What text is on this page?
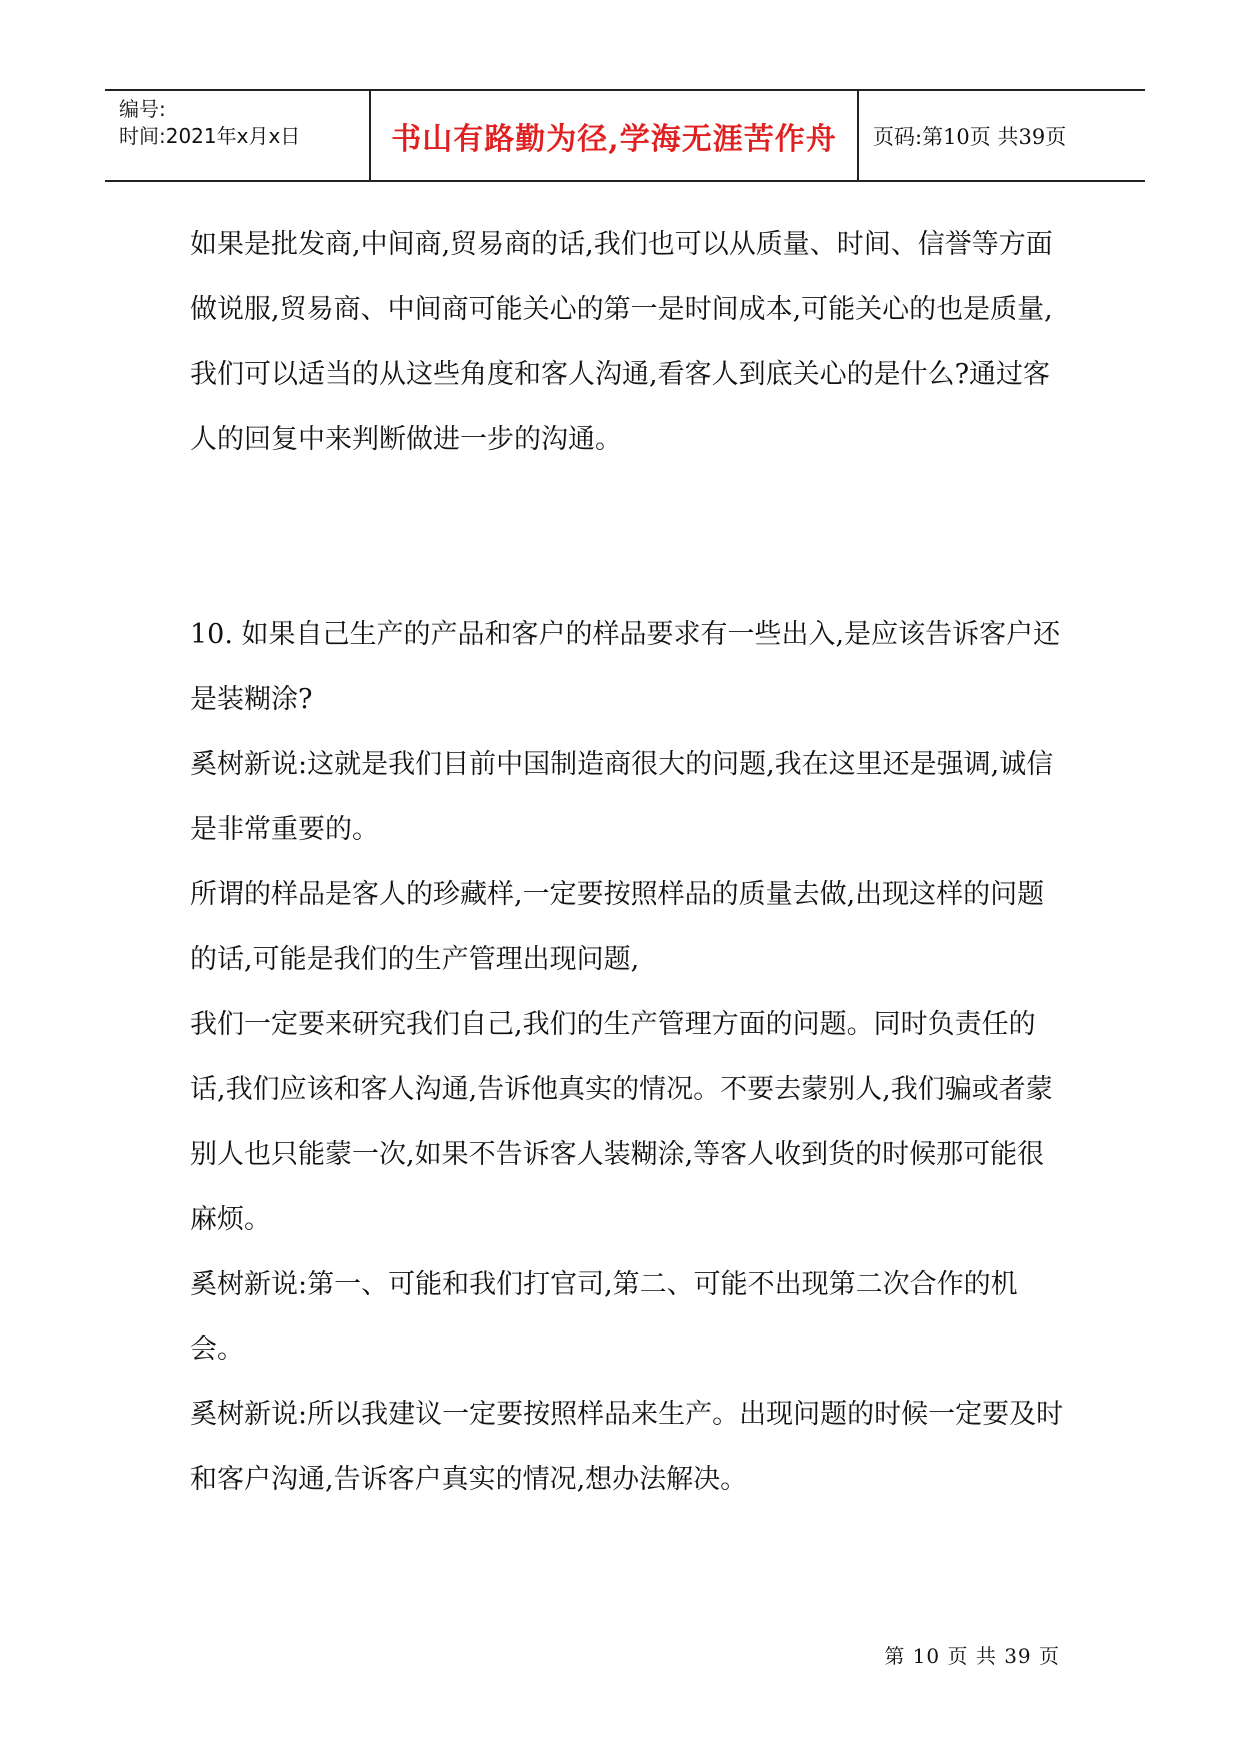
编号:
时间:2021年x月x日	书山有路勤为径,学海无涯苦作舟	页码:第10页 共39页

如果是批发商,中间商,贸易商的话,我们也可以从质量、时间、信誉等方面做说服,贸易商、中间商可能关心的第一是时间成本,可能关心的也是质量,我们可以适当的从这些角度和客人沟通,看客人到底关心的是什么?通过客人的回复中来判断做进一步的沟通。

10. 如果自己生产的产品和客户的样品要求有一些出入,是应该告诉客户还是装糊涂?

奚树新说:这就是我们目前中国制造商很大的问题,我在这里还是强调,诚信是非常重要的。

所谓的样品是客人的珍藏样,一定要按照样品的质量去做,出现这样的问题的话,可能是我们的生产管理出现问题,

我们一定要来研究我们自己,我们的生产管理方面的问题。同时负责任的话,我们应该和客人沟通,告诉他真实的情况。不要去蒙别人,我们骗或者蒙别人也只能蒙一次,如果不告诉客人装糊涂,等客人收到货的时候那可能很麻烦。

奚树新说:第一、可能和我们打官司,第二、可能不出现第二次合作的机会。

奚树新说:所以我建议一定要按照样品来生产。出现问题的时候一定要及时和客户沟通,告诉客户真实的情况,想办法解决。

第 10 页 共 39 页
